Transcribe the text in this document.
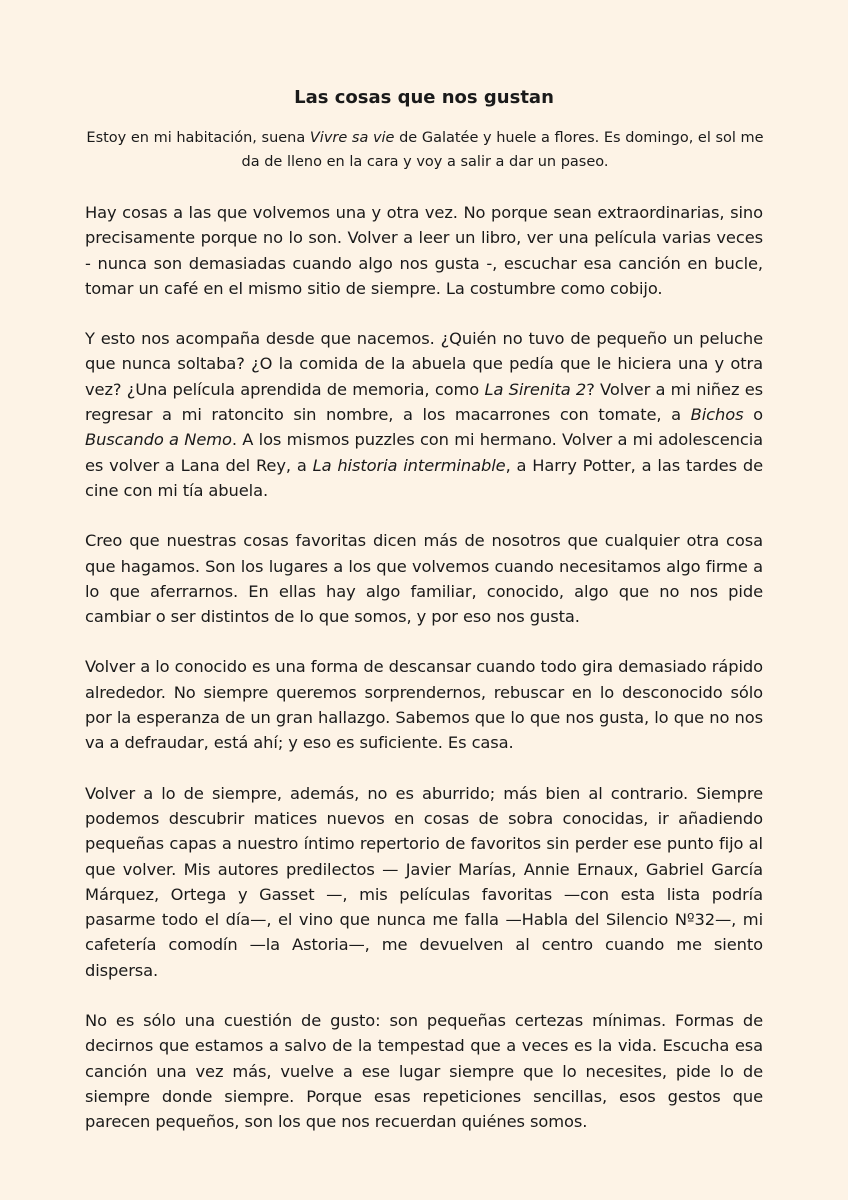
Las cosas que nos gustan

Estoy en mi habitación, suena Vivre sa vie de Galatée y huele a flores. Es domingo, el sol me da de lleno en la cara y voy a salir a dar un paseo.

Hay cosas a las que volvemos una y otra vez. No porque sean extraordinarias, sino precisamente porque no lo son. Volver a leer un libro, ver una película varias veces - nunca son demasiadas cuando algo nos gusta -, escuchar esa canción en bucle, tomar un café en el mismo sitio de siempre. La costumbre como cobijo.

Y esto nos acompaña desde que nacemos. ¿Quién no tuvo de pequeño un peluche que nunca soltaba? ¿O la comida de la abuela que pedía que le hiciera una y otra vez? ¿Una película aprendida de memoria, como La Sirenita 2? Volver a mi niñez es regresar a mi ratoncito sin nombre, a los macarrones con tomate, a Bichos o Buscando a Nemo. A los mismos puzzles con mi hermano. Volver a mi adolescencia es volver a Lana del Rey, a La historia interminable, a Harry Potter, a las tardes de cine con mi tía abuela.

Creo que nuestras cosas favoritas dicen más de nosotros que cualquier otra cosa que hagamos. Son los lugares a los que volvemos cuando necesitamos algo firme a lo que aferrarnos. En ellas hay algo familiar, conocido, algo que no nos pide cambiar o ser distintos de lo que somos, y por eso nos gusta.

Volver a lo conocido es una forma de descansar cuando todo gira demasiado rápido alrededor. No siempre queremos sorprendernos, rebuscar en lo desconocido sólo por la esperanza de un gran hallazgo. Sabemos que lo que nos gusta, lo que no nos va a defraudar, está ahí; y eso es suficiente. Es casa.

Volver a lo de siempre, además, no es aburrido; más bien al contrario. Siempre podemos descubrir matices nuevos en cosas de sobra conocidas, ir añadiendo pequeñas capas a nuestro íntimo repertorio de favoritos sin perder ese punto fijo al que volver. Mis autores predilectos — Javier Marías, Annie Ernaux, Gabriel García Márquez, Ortega y Gasset —, mis películas favoritas —con esta lista podría pasarme todo el día—, el vino que nunca me falla —Habla del Silencio Nº32—, mi cafetería comodín —la Astoria—, me devuelven al centro cuando me siento dispersa.

No es sólo una cuestión de gusto: son pequeñas certezas mínimas. Formas de decirnos que estamos a salvo de la tempestad que a veces es la vida. Escucha esa canción una vez más, vuelve a ese lugar siempre que lo necesites, pide lo de siempre donde siempre. Porque esas repeticiones sencillas, esos gestos que parecen pequeños, son los que nos recuerdan quiénes somos.
